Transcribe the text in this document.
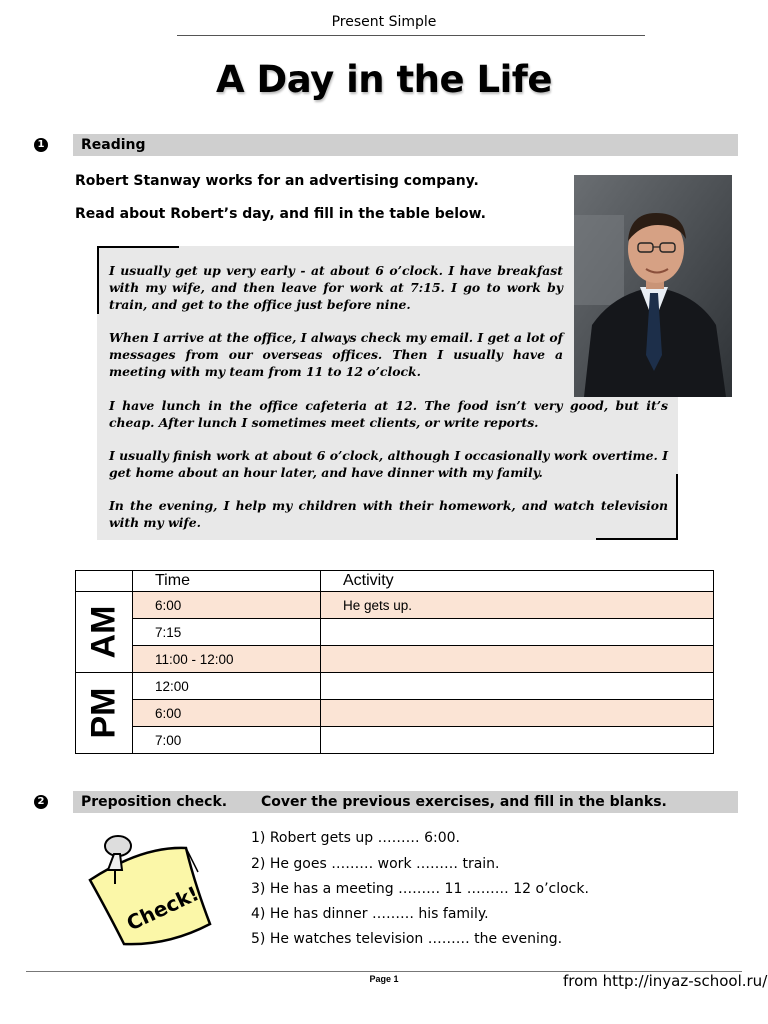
Present Simple
A Day in the Life
1	Reading
Robert Stanway works for an advertising company.
Read about Robert’s day, and fill in the table below.
I usually get up very early - at about 6 o’clock. I have breakfast with my wife, and then leave for work at 7:15. I go to work by train, and get to the office just before nine.
When I arrive at the office, I always check my email. I get a lot of messages from our overseas offices. Then I usually have a meeting with my team from 11 to 12 o’clock.
I have lunch in the office cafeteria at 12. The food isn’t very good, but it’s cheap. After lunch I sometimes meet clients, or write reports.
I usually finish work at about 6 o’clock, although I occasionally work overtime. I get home about an hour later, and have dinner with my family.
In the evening, I help my children with their homework, and watch television with my wife.
	Time	Activity

AM	6:00	He gets up.
	7:15	
	11:00 - 12:00	

PM	12:00	
	6:00	
	7:00	
2	Preposition check. Cover the previous exercises, and fill in the blanks.
Check!
1) Robert gets up ……… 6:00.
2) He goes ……… work ……… train.
3) He has a meeting ……… 11 ……… 12 o’clock.
4) He has dinner ……… his family.
5) He watches television ……… the evening.
Page 1	from http://inyaz-school.ru/
